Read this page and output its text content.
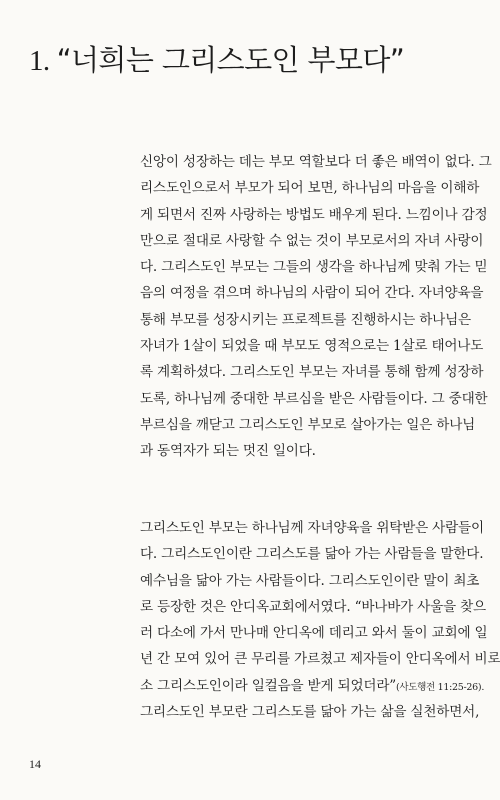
1. “너희는 그리스도인 부모다”
신앙이 성장하는 데는 부모 역할보다 더 좋은 배역이 없다. 그
리스도인으로서 부모가 되어 보면, 하나님의 마음을 이해하
게 되면서 진짜 사랑하는 방법도 배우게 된다. 느낌이나 감정
만으로 절대로 사랑할 수 없는 것이 부모로서의 자녀 사랑이
다. 그리스도인 부모는 그들의 생각을 하나님께 맞춰 가는 믿
음의 여정을 겪으며 하나님의 사람이 되어 간다. 자녀양육을
통해 부모를 성장시키는 프로젝트를 진행하시는 하나님은
자녀가 1살이 되었을 때 부모도 영적으로는 1살로 태어나도
록 계획하셨다. 그리스도인 부모는 자녀를 통해 함께 성장하
도록, 하나님께 중대한 부르심을 받은 사람들이다. 그 중대한
부르심을 깨닫고 그리스도인 부모로 살아가는 일은 하나님
과 동역자가 되는 멋진 일이다.
그리스도인 부모는 하나님께 자녀양육을 위탁받은 사람들이
다. 그리스도인이란 그리스도를 닮아 가는 사람들을 말한다.
예수님을 닮아 가는 사람들이다. 그리스도인이란 말이 최초
로 등장한 것은 안디옥교회에서였다. “바나바가 사울을 찾으
러 다소에 가서 만나매 안디옥에 데리고 와서 둘이 교회에 일
년 간 모여 있어 큰 무리를 가르쳤고 제자들이 안디옥에서 비로
소 그리스도인이라 일컬음을 받게 되었더라”(사도행전 11:25-26).
그리스도인 부모란 그리스도를 닮아 가는 삶을 실천하면서,
14
